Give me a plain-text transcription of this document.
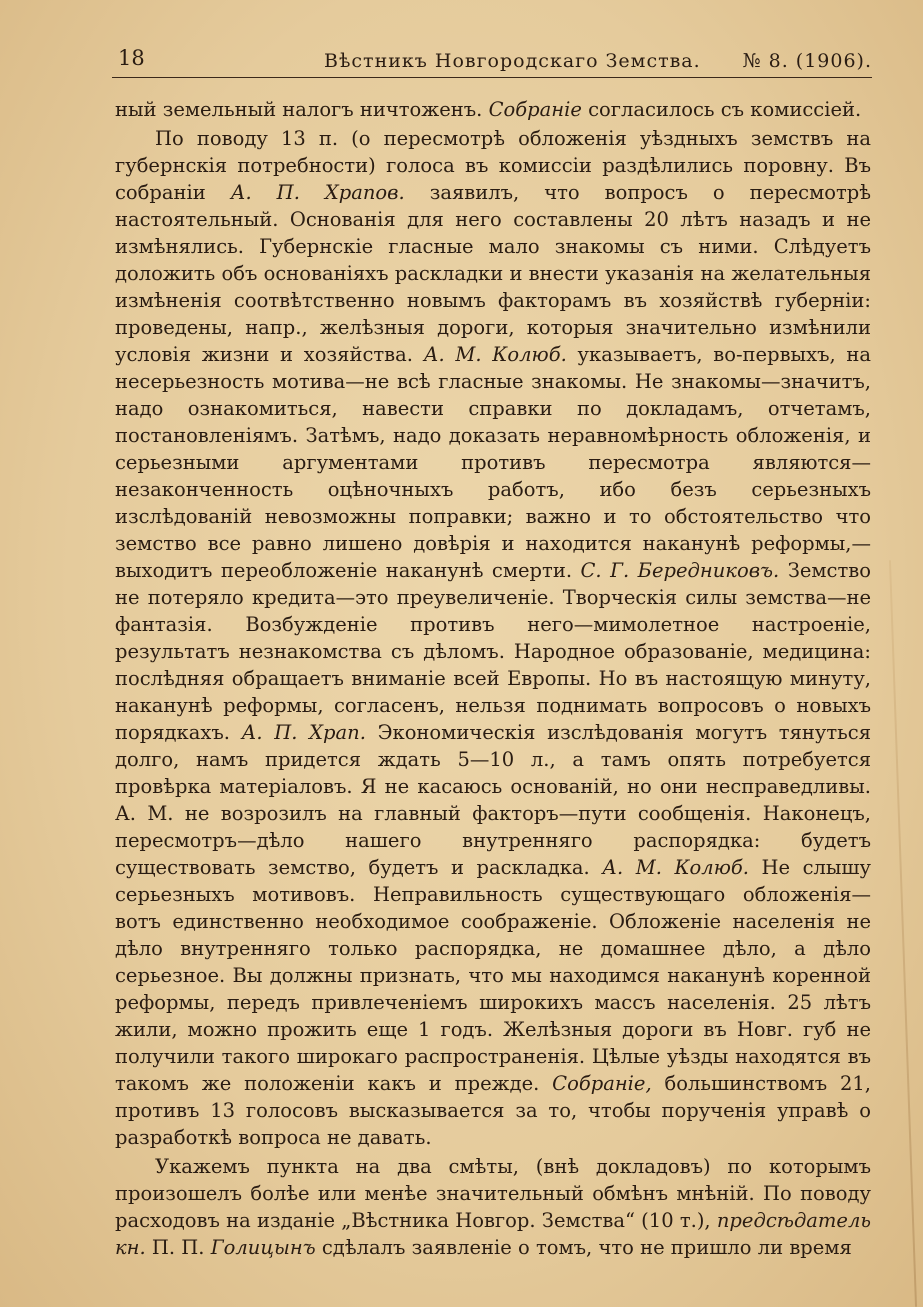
18	Вѣстникъ Новгородскаго Земства. № 8. (1906).

ный земельный налогъ ничтоженъ. Собраніе согласилось съ комиссіей.

По поводу 13 п. (о пересмотрѣ обложенія уѣздныхъ земствъ на губернскія потребности) голоса въ комиссіи раздѣлились поровну. Въ собраніи А. П. Храпов. заявилъ, что вопросъ о пересмотрѣ настоятельный. Основанія для него составлены 20 лѣтъ назадъ и не измѣнялись. Губернскіе гласные мало знакомы съ ними. Слѣдуетъ доложить объ основаніяхъ раскладки и внести указанія на желательныя измѣненія соотвѣтственно новымъ факторамъ въ хозяйствѣ губерніи: проведены, напр., желѣзныя дороги, которыя значительно измѣнили условія жизни и хозяйства. А. М. Колюб. указываетъ, во-первыхъ, на несерьезность мотива—не всѣ гласные знакомы. Не знакомы—значитъ, надо ознакомиться, навести справки по докладамъ, отчетамъ, постановленіямъ. Затѣмъ, надо доказать неравномѣрность обложенія, и серьезными аргументами противъ пересмотра являются—незаконченность оцѣночныхъ работъ, ибо безъ серьезныхъ изслѣдованій невозможны поправки; важно и то обстоятельство что земство все равно лишено довѣрія и находится наканунѣ реформы,—выходитъ переобложеніе наканунѣ смерти. С. Г. Бередниковъ. Земство не потеряло кредита—это преувеличеніе. Творческія силы земства—не фантазія. Возбужденіе противъ него—мимолетное настроеніе, результатъ незнакомства съ дѣломъ. Народное образованіе, медицина: послѣдняя обращаетъ вниманіе всей Европы. Но въ настоящую минуту, наканунѣ реформы, согласенъ, нельзя поднимать вопросовъ о новыхъ порядкахъ. А. П. Храп. Экономическія изслѣдованія могутъ тянуться долго, намъ придется ждать 5—10 л., а тамъ опять потребуется провѣрка матеріаловъ. Я не касаюсь основаній, но они несправедливы. А. М. не возрозилъ на главный факторъ—пути сообщенія. Наконецъ, пересмотръ—дѣло нашего внутренняго распорядка: будетъ существовать земство, будетъ и раскладка. А. М. Колюб. Не слышу серьезныхъ мотивовъ. Неправильность существующаго обложенія—вотъ единственно необходимое соображеніе. Обложеніе населенія не дѣло внутренняго только распорядка, не домашнее дѣло, а дѣло серьезное. Вы должны признать, что мы находимся наканунѣ коренной реформы, передъ привлеченіемъ широкихъ массъ населенія. 25 лѣтъ жили, можно прожить еще 1 годъ. Желѣзныя дороги въ Новг. губ не получили такого широкаго распространенія. Цѣлые уѣзды находятся въ такомъ же положеніи какъ и прежде. Собраніе, большинствомъ 21, противъ 13 голосовъ высказывается за то, чтобы порученія управѣ о разработкѣ вопроса не давать.

Укажемъ пункта на два смѣты, (внѣ докладовъ) по которымъ произошелъ болѣе или менѣе значительный обмѣнъ мнѣній. По поводу расходовъ на изданіе „Вѣстника Новгор. Земства“ (10 т.), предсѣдатель кн. П. П. Голицынъ сдѣлалъ заявленіе о томъ, что не пришло ли время
